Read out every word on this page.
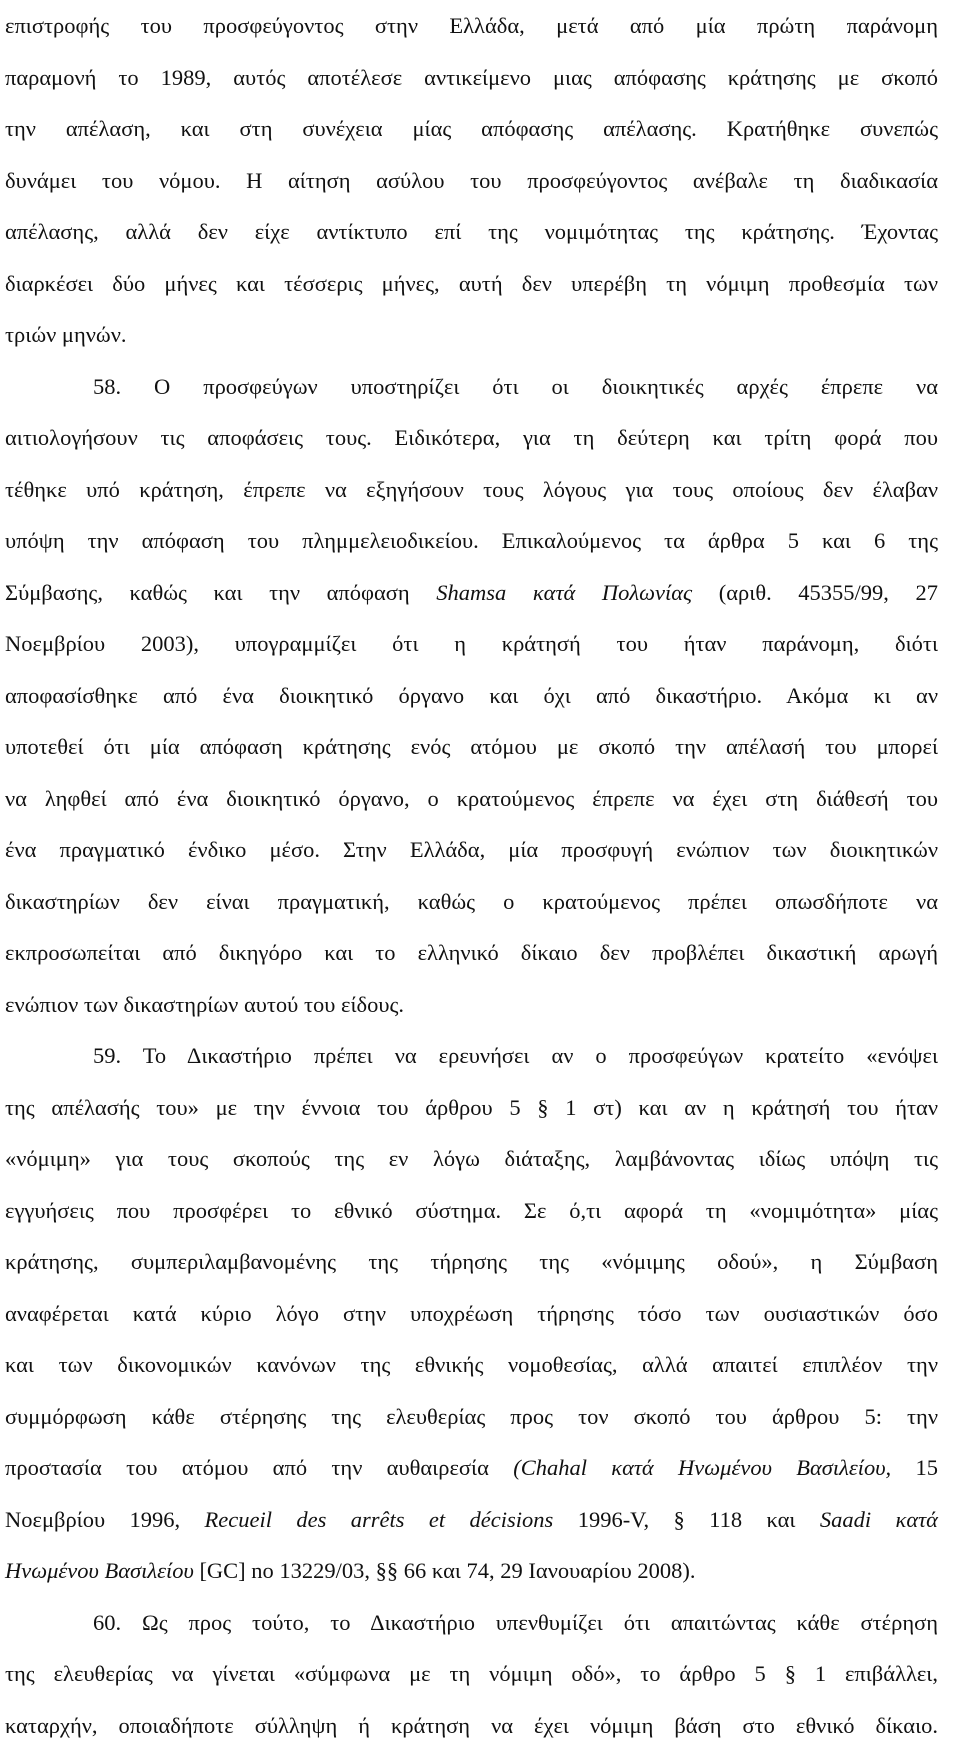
επιστροφής του προσφεύγοντος στην Ελλάδα, μετά από μία πρώτη παράνομη
παραμονή το 1989, αυτός αποτέλεσε αντικείμενο μιας απόφασης κράτησης με σκοπό
την απέλαση, και στη συνέχεια μίας απόφασης απέλασης. Κρατήθηκε συνεπώς
δυνάμει του νόμου. Η αίτηση ασύλου του προσφεύγοντος ανέβαλε τη διαδικασία
απέλασης, αλλά δεν είχε αντίκτυπο επί της νομιμότητας της κράτησης. Έχοντας
διαρκέσει δύο μήνες και τέσσερις μήνες, αυτή δεν υπερέβη τη νόμιμη προθεσμία των
τριών μηνών.
58. Ο προσφεύγων υποστηρίζει ότι οι διοικητικές αρχές έπρεπε να
αιτιολογήσουν τις αποφάσεις τους. Ειδικότερα, για τη δεύτερη και τρίτη φορά που
τέθηκε υπό κράτηση, έπρεπε να εξηγήσουν τους λόγους για τους οποίους δεν έλαβαν
υπόψη την απόφαση του πλημμελειοδικείου. Επικαλούμενος τα άρθρα 5 και 6 της
Σύμβασης, καθώς και την απόφαση Shamsa κατά Πολωνίας (αριθ. 45355/99, 27
Νοεμβρίου 2003), υπογραμμίζει ότι η κράτησή του ήταν παράνομη, διότι
αποφασίσθηκε από ένα διοικητικό όργανο και όχι από δικαστήριο. Ακόμα κι αν
υποτεθεί ότι μία απόφαση κράτησης ενός ατόμου με σκοπό την απέλασή του μπορεί
να ληφθεί από ένα διοικητικό όργανο, ο κρατούμενος έπρεπε να έχει στη διάθεσή του
ένα πραγματικό ένδικο μέσο. Στην Ελλάδα, μία προσφυγή ενώπιον των διοικητικών
δικαστηρίων δεν είναι πραγματική, καθώς ο κρατούμενος πρέπει οπωσδήποτε να
εκπροσωπείται από δικηγόρο και το ελληνικό δίκαιο δεν προβλέπει δικαστική αρωγή
ενώπιον των δικαστηρίων αυτού του είδους.
59. Το Δικαστήριο πρέπει να ερευνήσει αν ο προσφεύγων κρατείτο «ενόψει
της απέλασής του» με την έννοια του άρθρου 5 § 1 στ) και αν η κράτησή του ήταν
«νόμιμη» για τους σκοπούς της εν λόγω διάταξης, λαμβάνοντας ιδίως υπόψη τις
εγγυήσεις που προσφέρει το εθνικό σύστημα. Σε ό,τι αφορά τη «νομιμότητα» μίας
κράτησης, συμπεριλαμβανομένης της τήρησης της «νόμιμης οδού», η Σύμβαση
αναφέρεται κατά κύριο λόγο στην υποχρέωση τήρησης τόσο των ουσιαστικών όσο
και των δικονομικών κανόνων της εθνικής νομοθεσίας, αλλά απαιτεί επιπλέον την
συμμόρφωση κάθε στέρησης της ελευθερίας προς τον σκοπό του άρθρου 5: την
προστασία του ατόμου από την αυθαιρεσία (Chahal κατά Ηνωμένου Βασιλείου, 15
Νοεμβρίου 1996, Recueil des arrêts et décisions 1996-V, § 118 και Saadi κατά
Ηνωμένου Βασιλείου [GC] no 13229/03, §§ 66 και 74, 29 Ιανουαρίου 2008).
60. Ως προς τούτο, το Δικαστήριο υπενθυμίζει ότι απαιτώντας κάθε στέρηση
της ελευθερίας να γίνεται «σύμφωνα με τη νόμιμη οδό», το άρθρο 5 § 1 επιβάλλει,
καταρχήν, οποιαδήποτε σύλληψη ή κράτηση να έχει νόμιμη βάση στο εθνικό δίκαιο.
